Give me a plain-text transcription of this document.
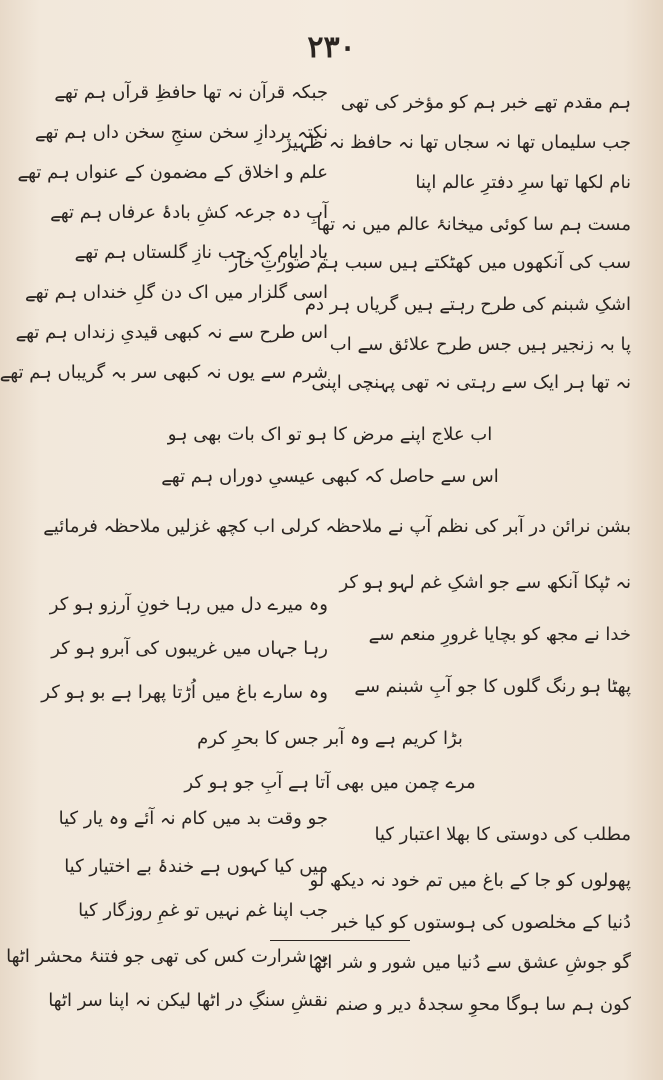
۲۳۰
ہم مقدم تھے خبر ہم کو مؤخر کی تھی
جب سلیماں تھا نہ سجاں تھا نہ حافظ نہ ظہیر
نام لکھا تھا سرِ دفترِ عالم اپنا
مست ہم سا کوئی میخانۂ عالم میں نہ تھا
سب کی آنکھوں میں کھٹکتے ہیں سبب ہم صورتِ خار
اشکِ شبنم کی طرح رہتے ہیں گریاں ہر دم
پا بہ زنجیر ہیں جس طرح علائق سے اب
نہ تھا ہر ایک سے رہتی نہ تھی پہنچی اپنی
جبکہ قرآن نہ تھا حافظِ قرآں ہم تھے
نکتہ پردازِ سخن سنجِ سخن داں ہم تھے
علم و اخلاق کے مضمون کے عنواں ہم تھے
آبِ دہ جرعہ کشِ بادۂ عرفاں ہم تھے
یاد ایام کہ جب نازِ گلستاں ہم تھے
اسی گلزار میں اک دن گلِ خنداں ہم تھے
اس طرح سے نہ کبھی قیدیِ زنداں ہم تھے
شرم سے یوں نہ کبھی سر بہ گریباں ہم تھے
اب علاج اپنے مرض کا ہو تو اک بات بھی ہو
اس سے حاصل کہ کبھی عیسیِ دوراں ہم تھے
بشن نرائن در آبر کی نظم آپ نے ملاحظہ کرلی اب کچھ غزلیں ملاحظہ فرمائیے
نہ ٹپکا آنکھ سے جو اشکِ غم لہو ہو کر
خدا نے مجھ کو بچایا غرورِ منعم سے
پھٹا ہو رنگ گلوں کا جو آبِ شبنم سے
وہ میرے دل میں رہا خونِ آرزو ہو کر
رہا جہاں میں غریبوں کی آبرو ہو کر
وہ سارے باغ میں اُڑتا پھرا ہے بو ہو کر
بڑا کریم ہے وہ آبر جس کا بحرِ کرم
مرے چمن میں بھی آتا ہے آبِ جو ہو کر
مطلب کی دوستی کا بھلا اعتبار کیا
پھولوں کو جا کے باغ میں تم خود نہ دیکھ لو
دُنیا کے مخلصوں کی ہوستوں کو کیا خبر
گو جوشِ عشق سے دُنیا میں شور و شر اٹھا
کون ہم سا ہوگا محوِ سجدۂ دیر و صنم
جو وقت بد میں کام نہ آئے وہ یار کیا
میں کیا کہوں ہے خندۂ بے اختیار کیا
جب اپنا غم نہیں تو غمِ روزگار کیا
یہ شرارت کس کی تھی جو فتنۂ محشر اٹھا
نقشِ سنگِ در اٹھا لیکن نہ اپنا سر اٹھا
